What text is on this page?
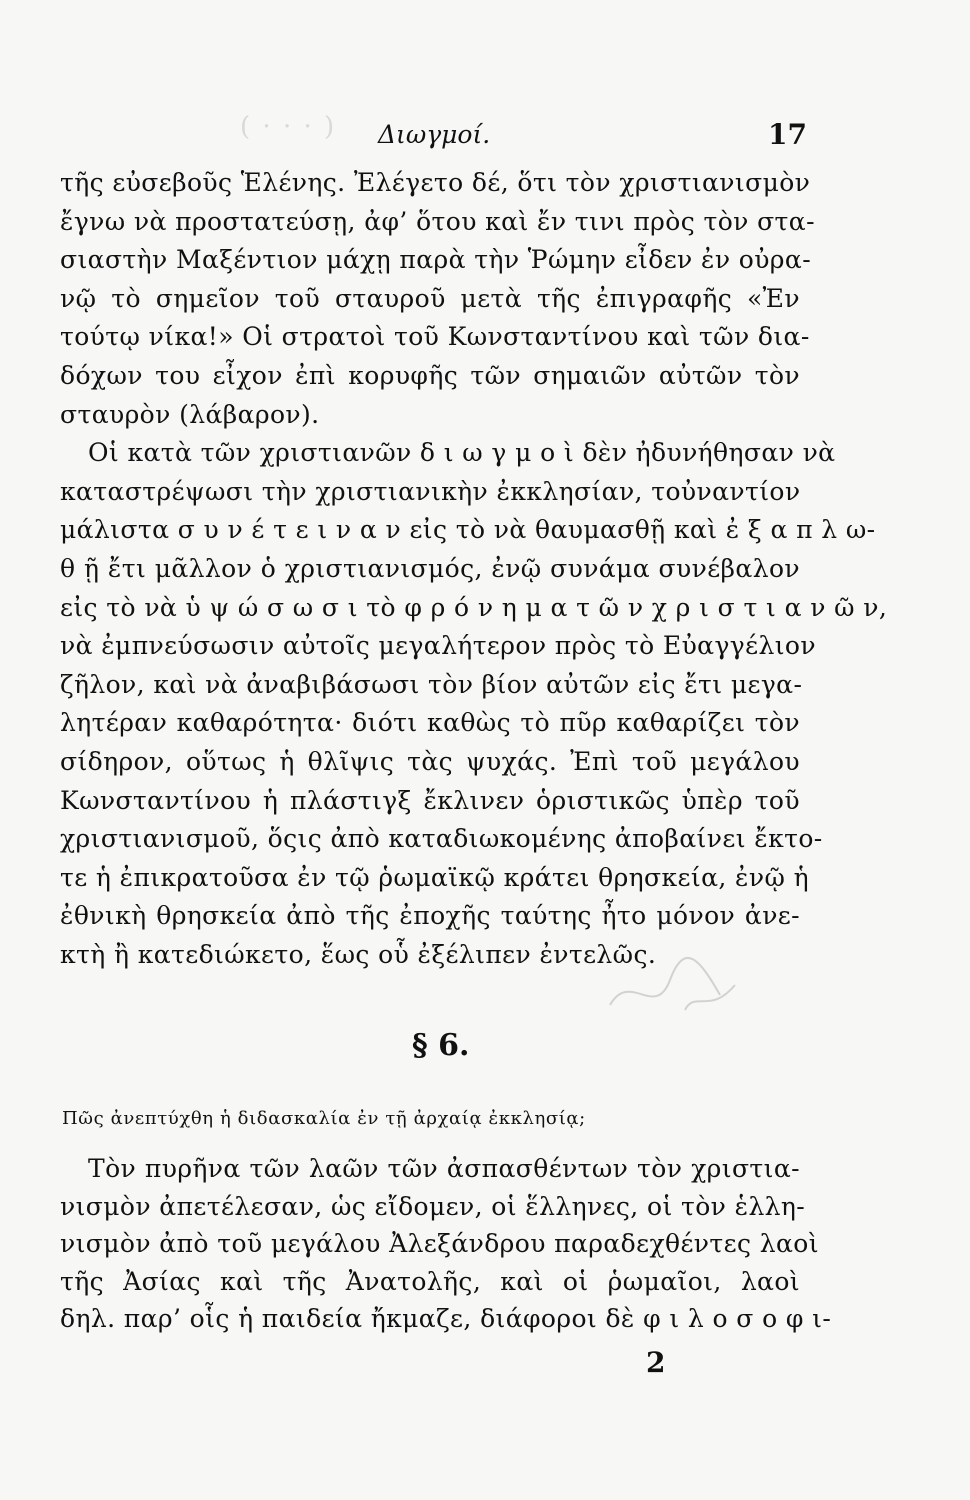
( · · · ) Διωγμοί.	17
τῆς εὐσεβοῦς Ἑλένης. Ἐλέγετο δέ, ὅτι τὸν χριστιανισμὸν
ἔγνω νὰ προστατεύσῃ, ἀφ’ ὅτου καὶ ἔν τινι πρὸς τὸν στα-
σιαστὴν Μαξέντιον μάχῃ παρὰ τὴν Ῥώμην εἶδεν ἐν οὐρα-
νῷ τὸ σημεῖον τοῦ σταυροῦ μετὰ τῆς ἐπιγραφῆς «Ἐν
τούτῳ νίκα!» Οἱ στρατοὶ τοῦ Κωνσταντίνου καὶ τῶν δια-
δόχων του εἶχον ἐπὶ κορυφῆς τῶν σημαιῶν αὐτῶν τὸν
σταυρὸν (λάβαρον).
Οἱ κατὰ τῶν χριστιανῶν δ ι ω γ μ ο ὶ δὲν ἠδυνήθησαν νὰ
καταστρέψωσι τὴν χριστιανικὴν ἐκκλησίαν, τοὐναντίον
μάλιστα σ υ ν έ τ ε ι ν α ν εἰς τὸ νὰ θαυμασθῇ καὶ ἐ ξ α π λ ω-
θ ῇ ἔτι μᾶλλον ὁ χριστιανισμός, ἐνῷ συνάμα συνέβαλον
εἰς τὸ νὰ ὑ ψ ώ σ ω σ ι τὸ φ ρ ό ν η μ α τ ῶ ν χ ρ ι σ τ ι α ν ῶ ν,
νὰ ἐμπνεύσωσιν αὐτοῖς μεγαλήτερον πρὸς τὸ Εὐαγγέλιον
ζῆλον, καὶ νὰ ἀναβιβάσωσι τὸν βίον αὐτῶν εἰς ἔτι μεγα-
λητέραν καθαρότητα· διότι καθὼς τὸ πῦρ καθαρίζει τὸν
σίδηρον, οὕτως ἡ θλῖψις τὰς ψυχάς. Ἐπὶ τοῦ μεγάλου
Κωνσταντίνου ἡ πλάστιγξ ἔκλινεν ὁριστικῶς ὑπὲρ τοῦ
χριστιανισμοῦ, ὅςις ἀπὸ καταδιωκομένης ἀποβαίνει ἔκτο-
τε ἡ ἐπικρατοῦσα ἐν τῷ ῥωμαϊκῷ κράτει θρησκεία, ἐνῷ ἡ
ἐθνικὴ θρησκεία ἀπὸ τῆς ἐποχῆς ταύτης ἦτο μόνον ἀνε-
κτὴ ἢ κατεδιώκετο, ἕως οὗ ἐξέλιπεν ἐντελῶς.
§ 6.
Πῶς ἀνεπτύχθη ἡ διδασκαλία ἐν τῇ ἀρχαίᾳ ἐκκλησίᾳ;
Τὸν πυρῆνα τῶν λαῶν τῶν ἀσπασθέντων τὸν χριστια-
νισμὸν ἀπετέλεσαν, ὡς εἴδομεν, οἱ ἕλληνες, οἱ τὸν ἑλλη-
νισμὸν ἀπὸ τοῦ μεγάλου Ἀλεξάνδρου παραδεχθέντες λαοὶ
τῆς Ἀσίας καὶ τῆς Ἀνατολῆς, καὶ οἱ ῥωμαῖοι, λαοὶ
δηλ. παρ’ οἷς ἡ παιδεία ἤκμαζε, διάφοροι δὲ φ ι λ ο σ ο φ ι-
2
